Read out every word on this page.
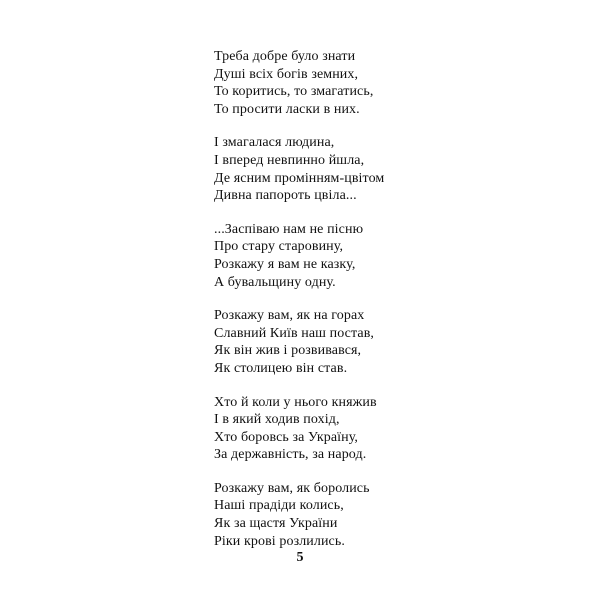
Треба добре було знати
Душі всіх богів земних,
То коритись, то змагатись,
То просити ласки в них.
І змагалася людина,
І вперед невпинно йшла,
Де ясним промінням-цвітом
Дивна папороть цвіла...
...Заспіваю нам не пісню
Про стару старовину,
Розкажу я вам не казку,
А бувальщину одну.
Розкажу вам, як на горах
Славний Київ наш постав,
Як він жив і розвивався,
Як столицею він став.
Хто й коли у нього княжив
І в який ходив похід,
Хто боровсь за Україну,
За державність, за народ.
Розкажу вам, як боролись
Наші прадіди колись,
Як за щастя України
Ріки крові розлились.
5
